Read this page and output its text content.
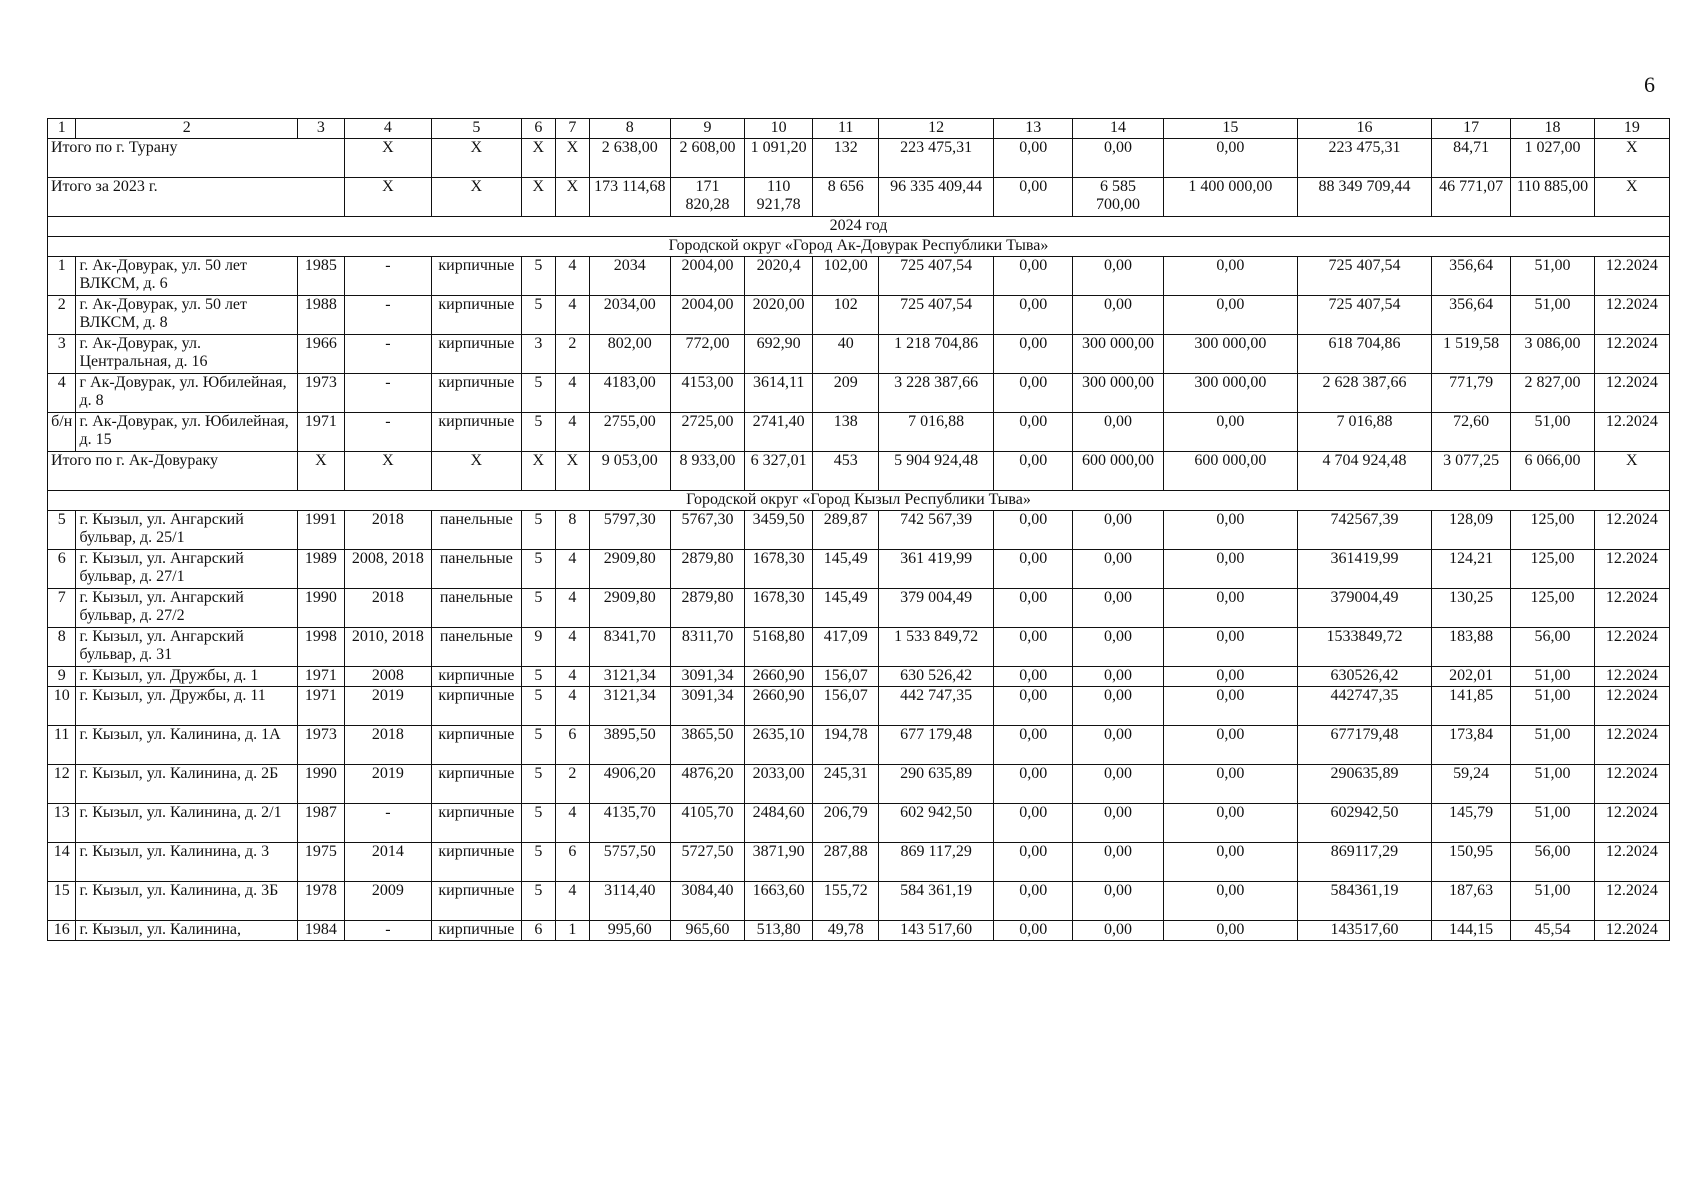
6
1	2	3	4	5	6	7	8	9	10	11	12	13	14	15	16	17	18	19
Итого по г. Турану			X	X	X	X	2 638,00	2 608,00	1 091,20	132	223 475,31	0,00	0,00	0,00	223 475,31	84,71	1 027,00	X
Итого за 2023 г.			X	X	X	X	173 114,68	171 820,28	110 921,78	8 656	96 335 409,44	0,00	6 585 700,00	1 400 000,00	88 349 709,44	46 771,07	110 885,00	X
2024 год																		
Городской округ «Город Ак-Довурак Республики Тыва»																		
1	г. Ак-Довурак, ул. 50 лет ВЛКСМ, д. 6	1985	-	кирпичные	5	4	2034	2004,00	2020,4	102,00	725 407,54	0,00	0,00	0,00	725 407,54	356,64	51,00	12.2024
2	г. Ак-Довурак, ул. 50 лет ВЛКСМ, д. 8	1988	-	кирпичные	5	4	2034,00	2004,00	2020,00	102	725 407,54	0,00	0,00	0,00	725 407,54	356,64	51,00	12.2024
3	г. Ак-Довурак, ул. Центральная, д. 16	1966	-	кирпичные	3	2	802,00	772,00	692,90	40	1 218 704,86	0,00	300 000,00	300 000,00	618 704,86	1 519,58	3 086,00	12.2024
4	г Ак-Довурак, ул. Юбилейная, д. 8	1973	-	кирпичные	5	4	4183,00	4153,00	3614,11	209	3 228 387,66	0,00	300 000,00	300 000,00	2 628 387,66	771,79	2 827,00	12.2024
б/н	г. Ак-Довурак, ул. Юбилейная, д. 15	1971	-	кирпичные	5	4	2755,00	2725,00	2741,40	138	7 016,88	0,00	0,00	0,00	7 016,88	72,60	51,00	12.2024
Итого по г. Ак-Довураку		X	X	X	X	X	9 053,00	8 933,00	6 327,01	453	5 904 924,48	0,00	600 000,00	600 000,00	4 704 924,48	3 077,25	6 066,00	X
Городской округ «Город Кызыл Республики Тыва»																		
5	г. Кызыл, ул. Ангарский бульвар, д. 25/1	1991	2018	панельные	5	8	5797,30	5767,30	3459,50	289,87	742 567,39	0,00	0,00	0,00	742567,39	128,09	125,00	12.2024
6	г. Кызыл, ул. Ангарский бульвар, д. 27/1	1989	2008, 2018	панельные	5	4	2909,80	2879,80	1678,30	145,49	361 419,99	0,00	0,00	0,00	361419,99	124,21	125,00	12.2024
7	г. Кызыл, ул. Ангарский бульвар, д. 27/2	1990	2018	панельные	5	4	2909,80	2879,80	1678,30	145,49	379 004,49	0,00	0,00	0,00	379004,49	130,25	125,00	12.2024
8	г. Кызыл, ул. Ангарский бульвар, д. 31	1998	2010, 2018	панельные	9	4	8341,70	8311,70	5168,80	417,09	1 533 849,72	0,00	0,00	0,00	1533849,72	183,88	56,00	12.2024
9	г. Кызыл, ул. Дружбы, д. 1	1971	2008	кирпичные	5	4	3121,34	3091,34	2660,90	156,07	630 526,42	0,00	0,00	0,00	630526,42	202,01	51,00	12.2024
10	г. Кызыл, ул. Дружбы, д. 11	1971	2019	кирпичные	5	4	3121,34	3091,34	2660,90	156,07	442 747,35	0,00	0,00	0,00	442747,35	141,85	51,00	12.2024
11	г. Кызыл, ул. Калинина, д. 1А	1973	2018	кирпичные	5	6	3895,50	3865,50	2635,10	194,78	677 179,48	0,00	0,00	0,00	677179,48	173,84	51,00	12.2024
12	г. Кызыл, ул. Калинина, д. 2Б	1990	2019	кирпичные	5	2	4906,20	4876,20	2033,00	245,31	290 635,89	0,00	0,00	0,00	290635,89	59,24	51,00	12.2024
13	г. Кызыл, ул. Калинина, д. 2/1	1987	-	кирпичные	5	4	4135,70	4105,70	2484,60	206,79	602 942,50	0,00	0,00	0,00	602942,50	145,79	51,00	12.2024
14	г. Кызыл, ул. Калинина, д. 3	1975	2014	кирпичные	5	6	5757,50	5727,50	3871,90	287,88	869 117,29	0,00	0,00	0,00	869117,29	150,95	56,00	12.2024
15	г. Кызыл, ул. Калинина, д. 3Б	1978	2009	кирпичные	5	4	3114,40	3084,40	1663,60	155,72	584 361,19	0,00	0,00	0,00	584361,19	187,63	51,00	12.2024
16	г. Кызыл, ул. Калинина,	1984	-	кирпичные	6	1	995,60	965,60	513,80	49,78	143 517,60	0,00	0,00	0,00	143517,60	144,15	45,54	12.2024
